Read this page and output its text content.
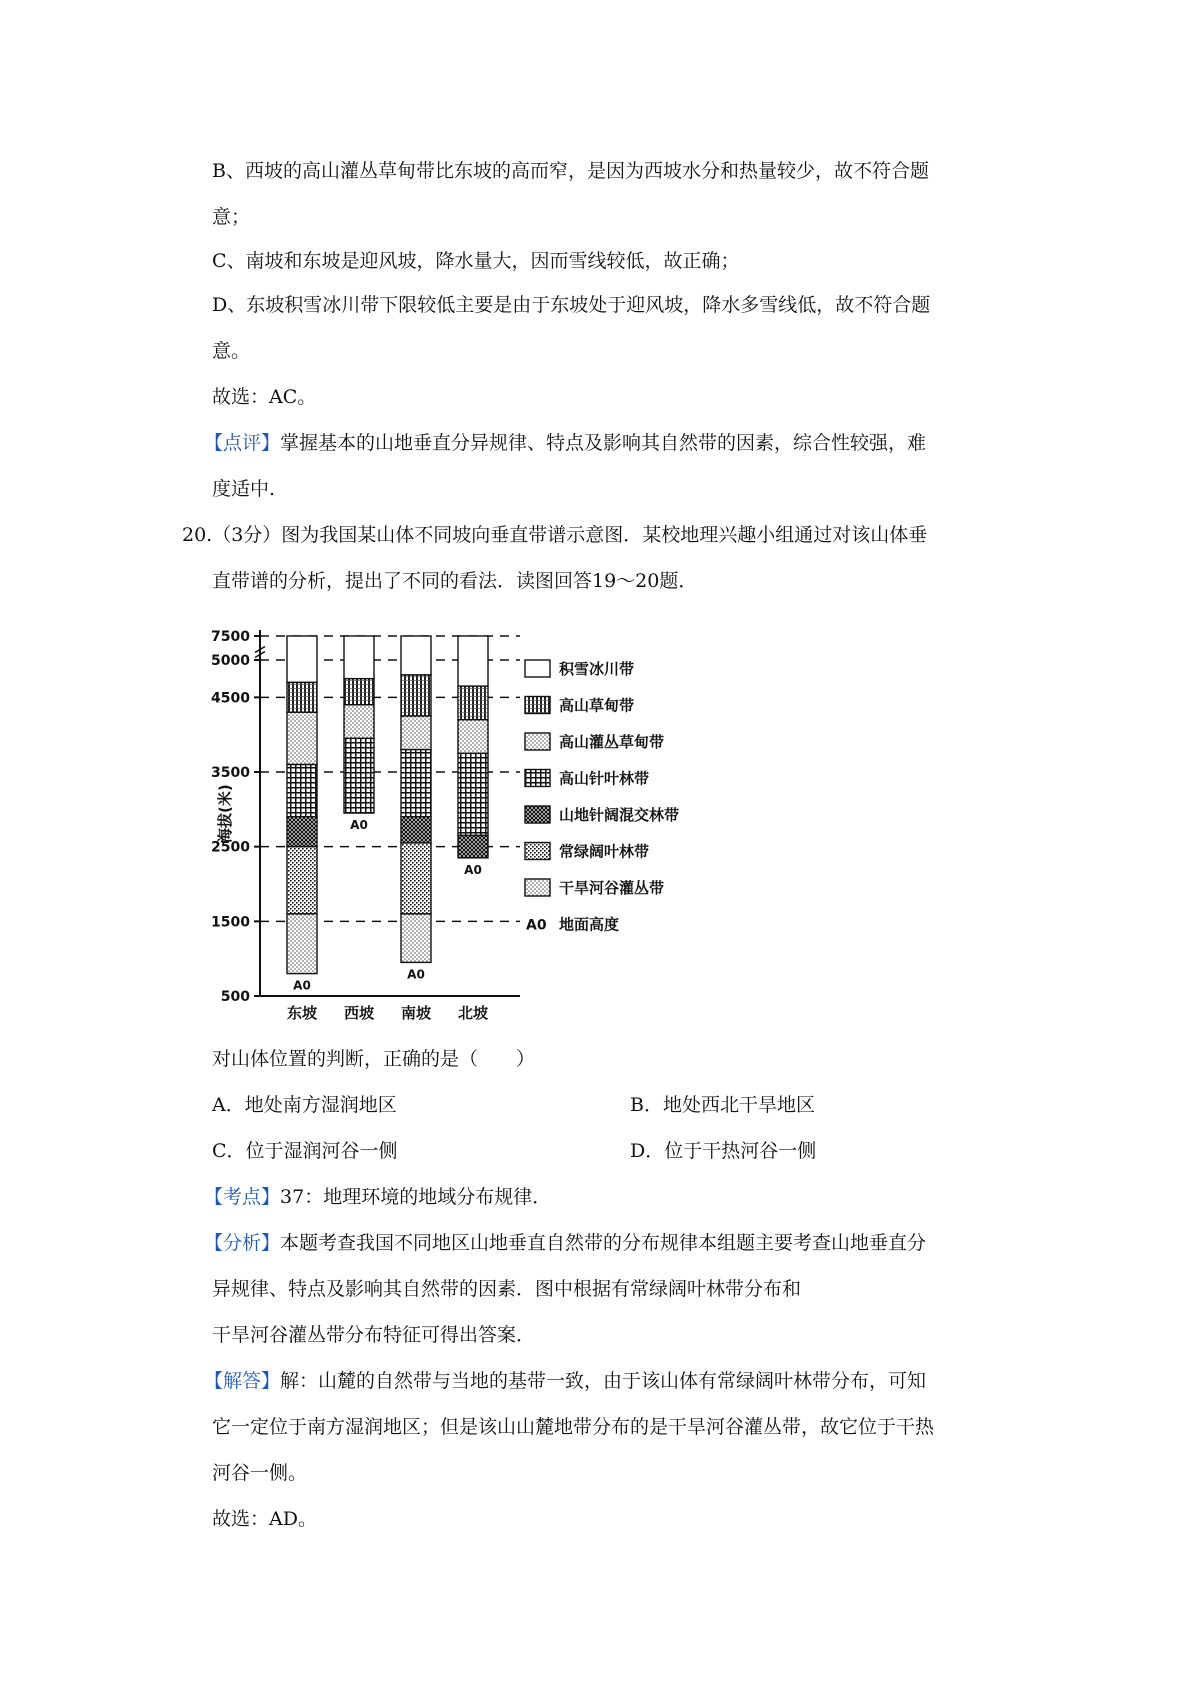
B、西坡的高山灌丛草甸带比东坡的高而窄，是因为西坡水分和热量较少，故不符合题

意；

C、南坡和东坡是迎风坡，降水量大，因而雪线较低，故正确；

D、东坡积雪冰川带下限较低主要是由于东坡处于迎风坡，降水多雪线低，故不符合题

意。

故选：AC。

【点评】掌握基本的山地垂直分异规律、特点及影响其自然带的因素，综合性较强，难

度适中.

20.（3分）图为我国某山体不同坡向垂直带谱示意图．某校地理兴趣小组通过对该山体垂

直带谱的分析，提出了不同的看法．读图回答19～20题．

7500
5000
4500
3500
2500
1500
500
海拔(米)
A0
东坡
A0
西坡
A0
南坡
A0
北坡
积雪冰川带
高山草甸带
高山灌丛草甸带
高山针叶林带
山地针阔混交林带
常绿阔叶林带
干旱河谷灌丛带
A0 地面高度

对山体位置的判断，正确的是（　　）

A．地处南方湿润地区	B．地处西北干旱地区

C．位于湿润河谷一侧	D．位于干热河谷一侧

【考点】37：地理环境的地域分布规律．

【分析】本题考查我国不同地区山地垂直自然带的分布规律本组题主要考查山地垂直分

异规律、特点及影响其自然带的因素．图中根据有常绿阔叶林带分布和

干旱河谷灌丛带分布特征可得出答案．

【解答】解：山麓的自然带与当地的基带一致，由于该山体有常绿阔叶林带分布，可知

它一定位于南方湿润地区；但是该山山麓地带分布的是干旱河谷灌丛带，故它位于干热

河谷一侧。

故选：AD。
